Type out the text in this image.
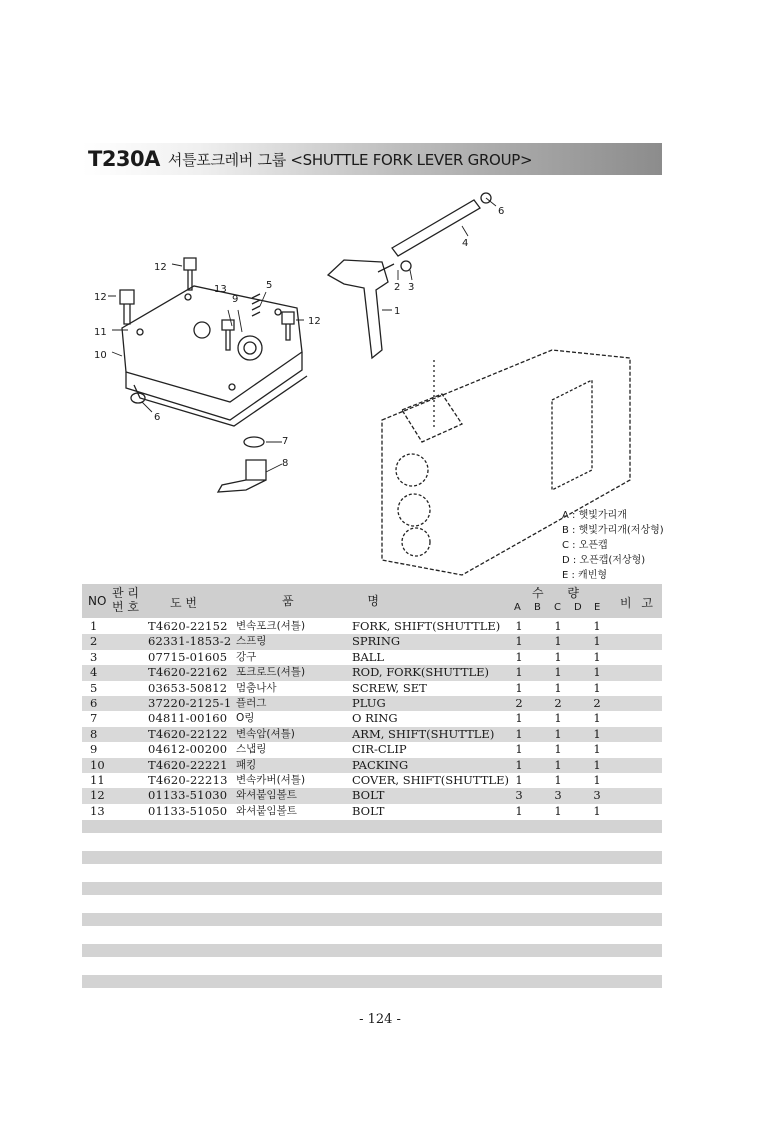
T230A 셔틀포크레버 그룹 <SHUTTLE FORK LEVER GROUP>
12
12
12
5
13
9
11
10
6
7
8
1
2 3
4
6
A : 햇빛가리개
B : 햇빛가리개(저상형)
C : 오픈캡
D : 오픈캡(저상형)
E : 캐빈형
NO
관 리
번 호	도 번	품 명
수 량
A B C D E 비 고
1	T4620-22152 변속포크(셔틀)	FORK, SHIFT(SHUTTLE) 1	1	1
2	62331-1853-2 스프링	SPRING	1	1	1
3	07715-01605 강구	BALL	1	1	1
4	T4620-22162 포크로드(셔틀)	ROD, FORK(SHUTTLE) 1	1	1
5	03653-50812 멈춤나사	SCREW, SET	1	1	1
6	37220-2125-1 플러그	PLUG	2	2	2
7	04811-00160 O링	O RING	1	1	1
8	T4620-22122 변속암(셔틀)	ARM, SHIFT(SHUTTLE) 1	1	1
9	04612-00200 스냅링	CIR-CLIP	1	1	1
10	T4620-22221 패킹	PACKING	1	1	1
11	T4620-22213 변속카버(셔틀)	COVER, SHIFT(SHUTTLE) 1	1	1
12	01133-51030 와셔붙임볼트	BOLT	3	3	3
13	01133-51050 와셔붙임볼트	BOLT	1	1	1
- 124 -
